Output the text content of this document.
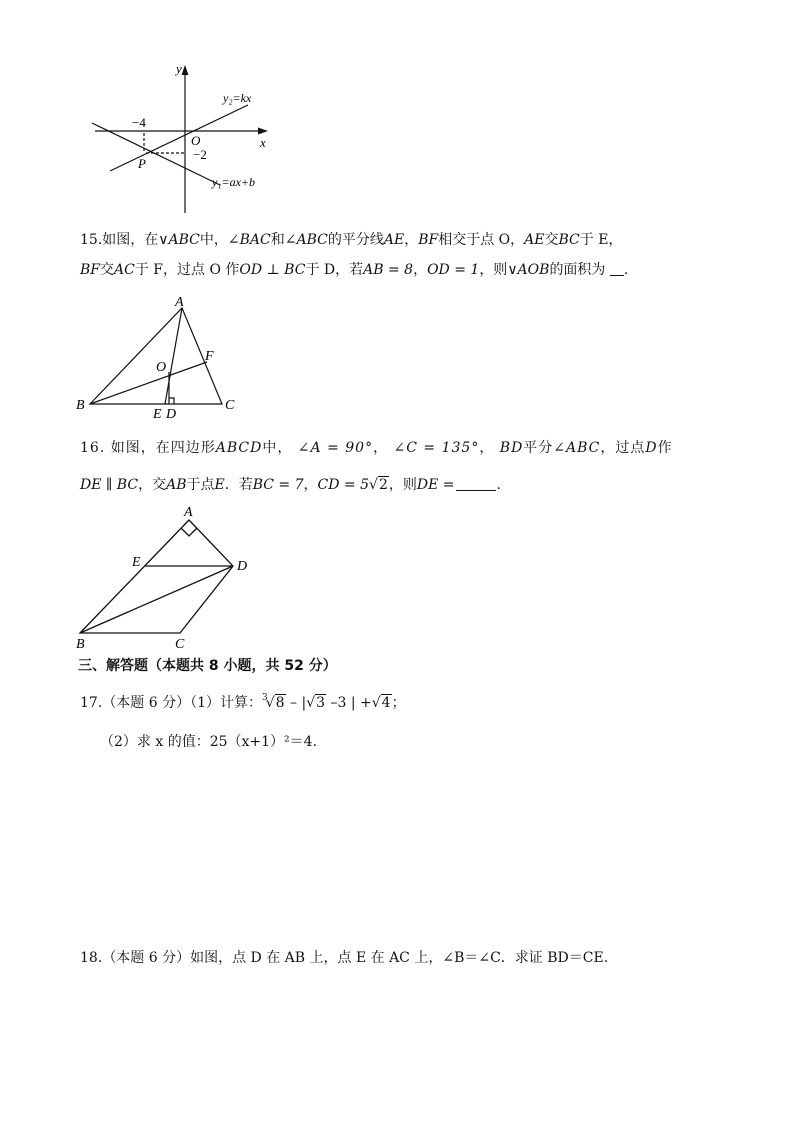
y
x
O
−4
−2
P
y₂=kx
y₁=ax+b
15.如图，在∨ABC中，∠BAC和∠ABC的平分线AE，BF相交于点 O，AE交BC于 E，
BF交AC于 F，过点 O 作OD ⊥ BC于 D，若AB = 8，OD = 1，则∨AOB的面积为 .
A
B	C
F
O
E D
16. 如图，在四边形ABCD中， ∠A = 90°， ∠C = 135°， BD平分∠ABC，过点D作
DE ∥ BC，交AB于点E．若BC = 7，CD = 5√2，则DE =	.
A
B	C
D
E
三、解答题（本题共 8 小题，共 52 分）
17.（本题 6 分）（1）计算：$^3$√8 – |√3 –3 | +√4；
（2）求 x 的值：25（x+1）²＝4.
18.（本题 6 分）如图，点 D 在 AB 上，点 E 在 AC 上，∠B＝∠C．求证 BD＝CE.
